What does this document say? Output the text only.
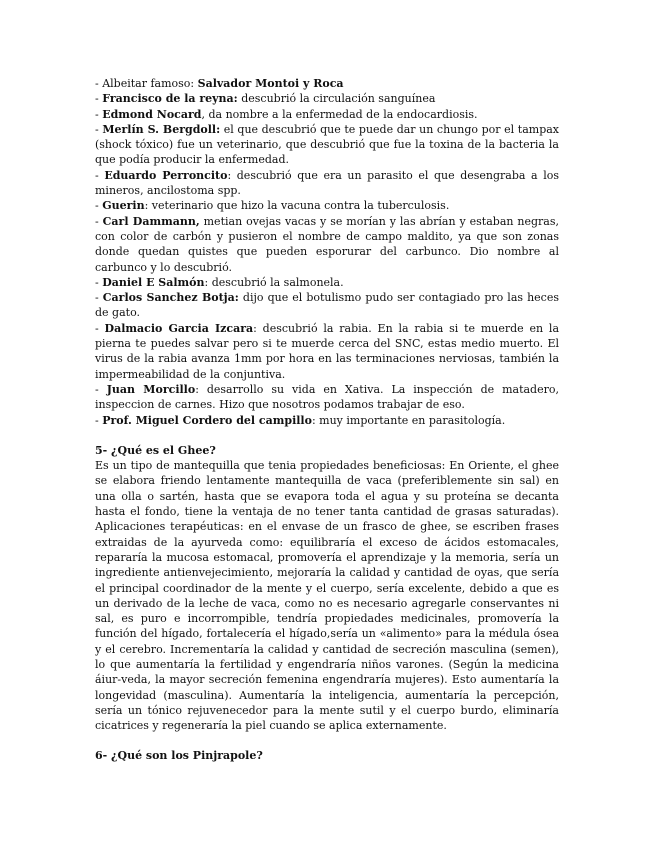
- Albeitar famoso: Salvador Montoi y Roca

- Francisco de la reyna: descubrió la circulación sanguínea

- Edmond Nocard, da nombre a la enfermedad de la endocardiosis.

- Merlín S. Bergdoll: el que descubrió que te puede dar un chungo por el tampax (shock tóxico) fue un veterinario, que descubrió que fue la toxina de la bacteria la que podía producir la enfermedad.

- Eduardo Perroncito: descubrió que era un parasito el que desengraba a los mineros, ancilostoma spp.

- Guerin: veterinario que hizo la vacuna contra la tuberculosis.

- Carl Dammann, metian ovejas vacas y se morían y las abrían y estaban negras, con color de carbón y pusieron el nombre de campo maldito, ya que son zonas donde quedan quistes que pueden esporurar del carbunco. Dio nombre al carbunco y lo descubrió.

- Daniel E Salmón: descubrió la salmonela.

- Carlos Sanchez Botja: dijo que el botulismo pudo ser contagiado pro las heces de gato.

- Dalmacio Garcia Izcara: descubrió la rabia. En la rabia si te muerde en la pierna te puedes salvar pero si te muerde cerca del SNC, estas medio muerto. El virus de la rabia avanza 1mm por hora en las terminaciones nerviosas, también la impermeabilidad de la conjuntiva.

- Juan Morcillo: desarrollo su vida en Xativa. La inspección de matadero, inspeccion de carnes. Hizo que nosotros podamos trabajar de eso.

- Prof. Miguel Cordero del campillo: muy importante en parasitología.

5- ¿Qué es el Ghee?

Es un tipo de mantequilla que tenia propiedades beneficiosas: En Oriente, el ghee se elabora friendo lentamente mantequilla de vaca (preferiblemente sin sal) en una olla o sartén, hasta que se evapora toda el agua y su proteína se decanta hasta el fondo, tiene la ventaja de no tener tanta cantidad de grasas saturadas). Aplicaciones terapéuticas: en el envase de un frasco de ghee, se escriben frases extraidas de la ayurveda como: equilibraría el exceso de ácidos estomacales, repararía la mucosa estomacal, promovería el aprendizaje y la memoria, sería un ingrediente antienvejecimiento, mejoraría la calidad y cantidad de oyas, que sería el principal coordinador de la mente y el cuerpo, sería excelente, debido a que es un derivado de la leche de vaca, como no es necesario agregarle conservantes ni sal, es puro e incorrompible, tendría propiedades medicinales, promovería la función del hígado, fortalecería el hígado,sería un «alimento» para la médula ósea y el cerebro. Incrementaría la calidad y cantidad de secreción masculina (semen), lo que aumentaría la fertilidad y engendraría niños varones. (Según la medicina áiur-veda, la mayor secreción femenina engendraría mujeres). Esto aumentaría la longevidad (masculina). Aumentaría la inteligencia, aumentaría la percepción, sería un tónico rejuvenecedor para la mente sutil y el cuerpo burdo, eliminaría cicatrices y regeneraría la piel cuando se aplica externamente.

6- ¿Qué son los Pinjrapole?
